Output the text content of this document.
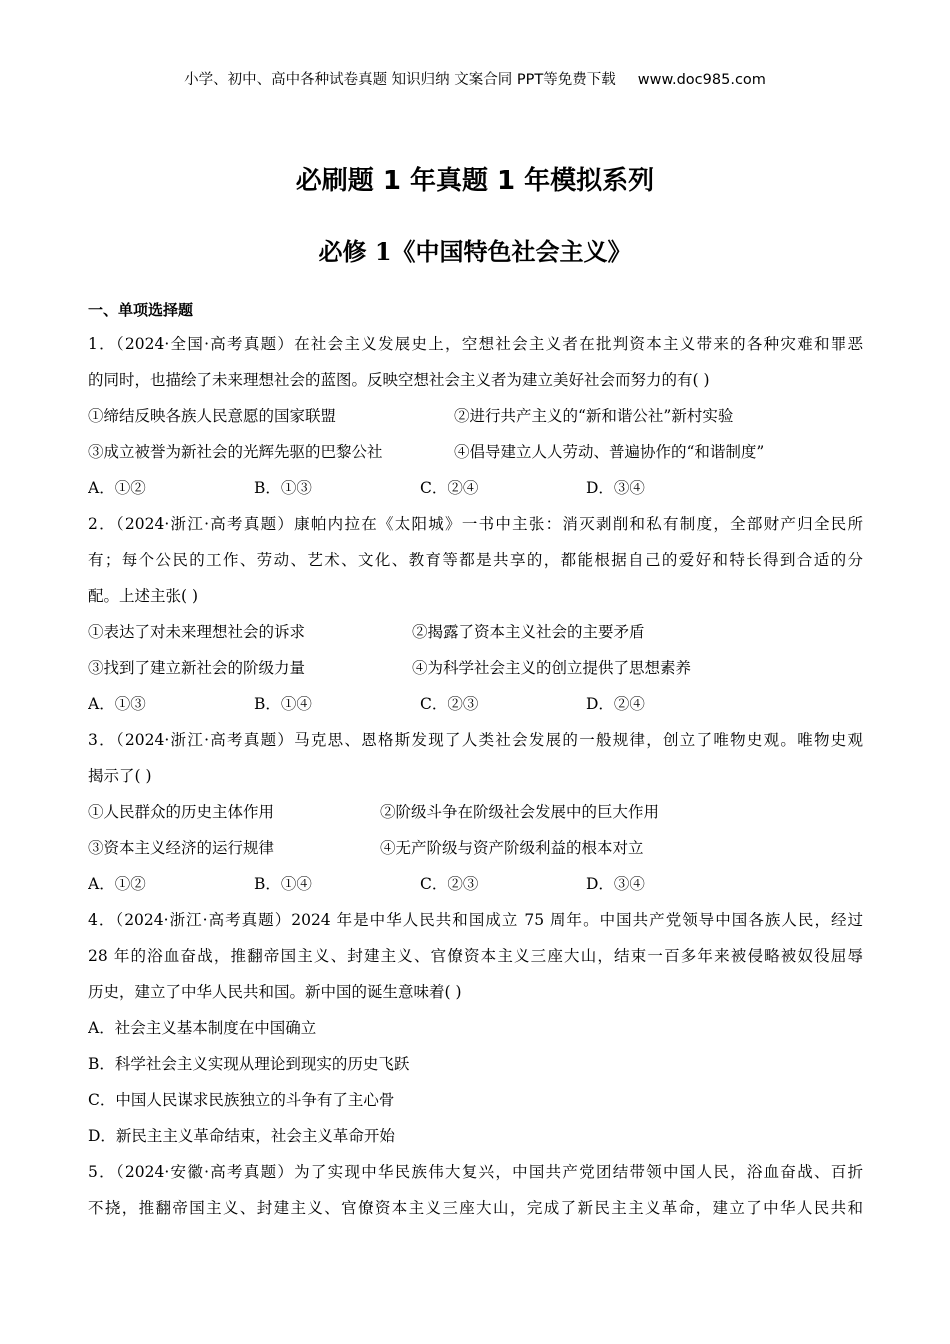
小学、初中、高中各种试卷真题 知识归纳 文案合同 PPT等免费下载 www.doc985.com
必刷题 1 年真题 1 年模拟系列
必修 1《中国特色社会主义》
一、单项选择题
1．（2024·全国·高考真题）在社会主义发展史上，空想社会主义者在批判资本主义带来的各种灾难和罪恶
的同时，也描绘了未来理想社会的蓝图。反映空想社会主义者为建立美好社会而努力的有( )
①缔结反映各族人民意愿的国家联盟	②进行共产主义的“新和谐公社”新村实验
③成立被誉为新社会的光辉先驱的巴黎公社	④倡导建立人人劳动、普遍协作的“和谐制度”
A．①②	B．①③	C．②④	D．③④
2．（2024·浙江·高考真题）康帕内拉在《太阳城》一书中主张：消灭剥削和私有制度，全部财产归全民所
有；每个公民的工作、劳动、艺术、文化、教育等都是共享的，都能根据自己的爱好和特长得到合适的分
配。上述主张( )
①表达了对未来理想社会的诉求	②揭露了资本主义社会的主要矛盾
③找到了建立新社会的阶级力量	④为科学社会主义的创立提供了思想素养
A．①③	B．①④	C．②③	D．②④
3．（2024·浙江·高考真题）马克思、恩格斯发现了人类社会发展的一般规律，创立了唯物史观。唯物史观
揭示了( )
①人民群众的历史主体作用	②阶级斗争在阶级社会发展中的巨大作用
③资本主义经济的运行规律	④无产阶级与资产阶级利益的根本对立
A．①②	B．①④	C．②③	D．③④
4．（2024·浙江·高考真题）2024 年是中华人民共和国成立 75 周年。中国共产党领导中国各族人民，经过
28 年的浴血奋战，推翻帝国主义、封建主义、官僚资本主义三座大山，结束一百多年来被侵略被奴役屈辱
历史，建立了中华人民共和国。新中国的诞生意味着( )
A．社会主义基本制度在中国确立
B．科学社会主义实现从理论到现实的历史飞跃
C．中国人民谋求民族独立的斗争有了主心骨
D．新民主主义革命结束，社会主义革命开始
5．（2024·安徽·高考真题）为了实现中华民族伟大复兴，中国共产党团结带领中国人民，浴血奋战、百折
不挠，推翻帝国主义、封建主义、官僚资本主义三座大山，完成了新民主主义革命，建立了中华人民共和
